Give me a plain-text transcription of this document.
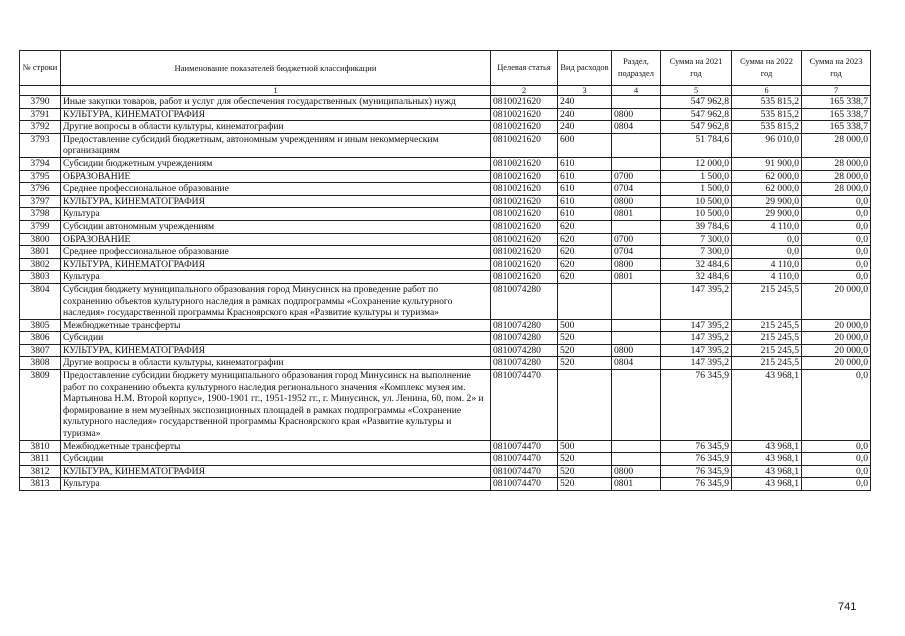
№ строки	Наименование показателей бюджетной классификации	Целевая статья	Вид расходов	Раздел, подраздел	Сумма на 2021 год	Сумма на 2022 год	Сумма на 2023 год
	1	2	3	4	5	6	7
3790	Иные закупки товаров, работ и услуг для обеспечения государственных (муниципальных) нужд	0810021620	240		547 962,8	535 815,2	165 338,7
3791	КУЛЬТУРА, КИНЕМАТОГРАФИЯ	0810021620	240	0800	547 962,8	535 815,2	165 338,7
3792	Другие вопросы в области культуры, кинематографии	0810021620	240	0804	547 962,8	535 815,2	165 338,7
3793	Предоставление субсидий бюджетным, автономным учреждениям и иным некоммерческим организациям	0810021620	600		51 784,6	96 010,0	28 000,0
3794	Субсидии бюджетным учреждениям	0810021620	610		12 000,0	91 900,0	28 000,0
3795	ОБРАЗОВАНИЕ	0810021620	610	0700	1 500,0	62 000,0	28 000,0
3796	Среднее профессиональное образование	0810021620	610	0704	1 500,0	62 000,0	28 000,0
3797	КУЛЬТУРА, КИНЕМАТОГРАФИЯ	0810021620	610	0800	10 500,0	29 900,0	0,0
3798	Культура	0810021620	610	0801	10 500,0	29 900,0	0,0
3799	Субсидии автономным учреждениям	0810021620	620		39 784,6	4 110,0	0,0
3800	ОБРАЗОВАНИЕ	0810021620	620	0700	7 300,0	0,0	0,0
3801	Среднее профессиональное образование	0810021620	620	0704	7 300,0	0,0	0,0
3802	КУЛЬТУРА, КИНЕМАТОГРАФИЯ	0810021620	620	0800	32 484,6	4 110,0	0,0
3803	Культура	0810021620	620	0801	32 484,6	4 110,0	0,0
3804	Субсидия бюджету муниципального образования город Минусинск на проведение работ по сохранению объектов культурного наследия в рамках подпрограммы «Сохранение культурного наследия» государственной программы Красноярского края «Развитие культуры и туризма»	0810074280			147 395,2	215 245,5	20 000,0
3805	Межбюджетные трансферты	0810074280	500		147 395,2	215 245,5	20 000,0
3806	Субсидии	0810074280	520		147 395,2	215 245,5	20 000,0
3807	КУЛЬТУРА, КИНЕМАТОГРАФИЯ	0810074280	520	0800	147 395,2	215 245,5	20 000,0
3808	Другие вопросы в области культуры, кинематографии	0810074280	520	0804	147 395,2	215 245,5	20 000,0
3809	Предоставление субсидии бюджету муниципального образования город Минусинск на выполнение работ по сохранению объекта культурного наследия регионального значения «Комплекс музея им. Мартьянова Н.М. Второй корпус», 1900-1901 гг., 1951-1952 гг., г. Минусинск, ул. Ленина, 60, пом. 2» и формирование в нем музейных экспозиционных площадей в рамках подпрограммы «Сохранение культурного наследия» государственной программы Красноярского края «Развитие культуры и туризма»	0810074470			76 345,9	43 968,1	0,0
3810	Межбюджетные трансферты	0810074470	500		76 345,9	43 968,1	0,0
3811	Субсидии	0810074470	520		76 345,9	43 968,1	0,0
3812	КУЛЬТУРА, КИНЕМАТОГРАФИЯ	0810074470	520	0800	76 345,9	43 968,1	0,0
3813	Культура	0810074470	520	0801	76 345,9	43 968,1	0,0
741
